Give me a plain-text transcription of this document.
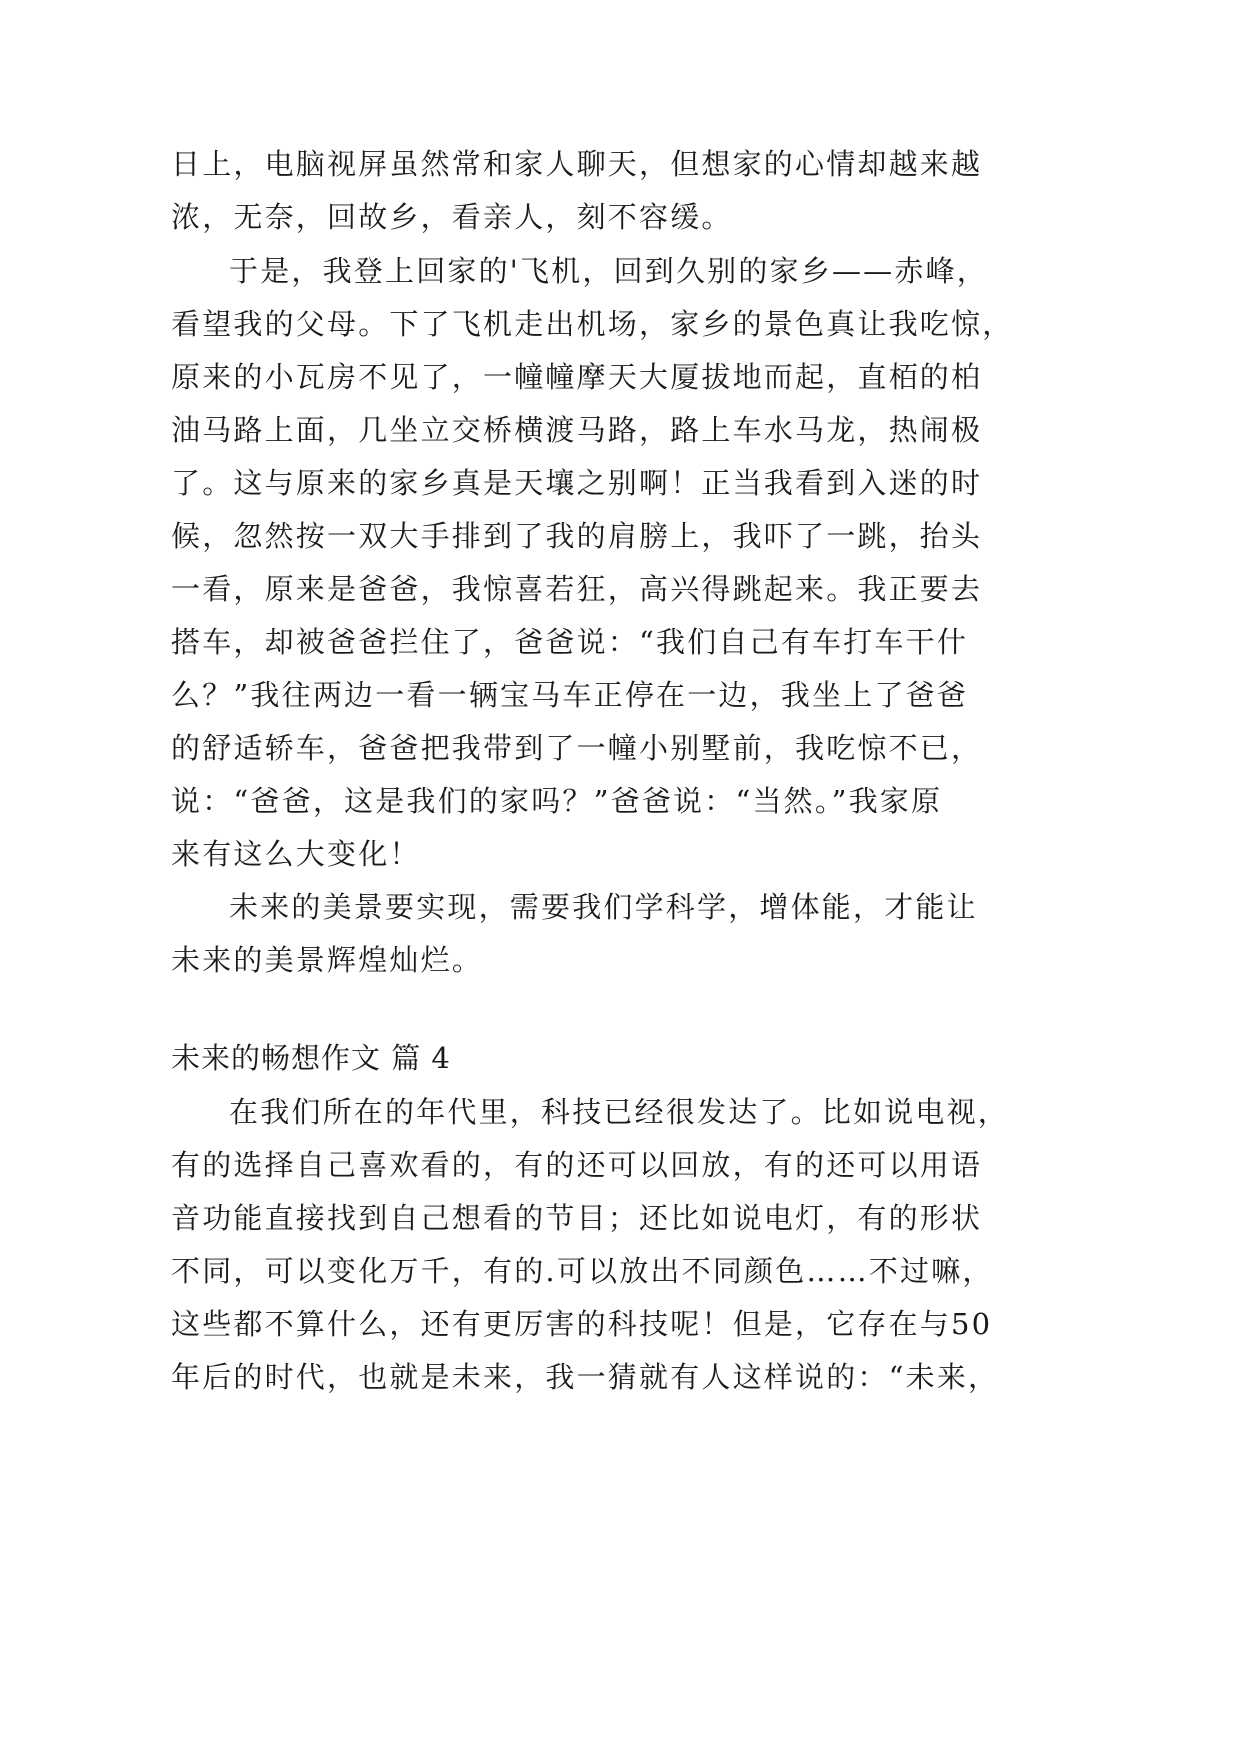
日上，电脑视屏虽然常和家人聊天，但想家的心情却越来越
浓，无奈，回故乡，看亲人，刻不容缓。
于是，我登上回家的'飞机，回到久别的家乡——赤峰，
看望我的父母。下了飞机走出机场，家乡的景色真让我吃惊，
原来的小瓦房不见了，一幢幢摩天大厦拔地而起，直栢的柏
油马路上面，几坐立交桥横渡马路，路上车水马龙，热闹极
了。这与原来的家乡真是天壤之别啊！正当我看到入迷的时
候，忽然按一双大手排到了我的肩膀上，我吓了一跳，抬头
一看，原来是爸爸，我惊喜若狂，高兴得跳起来。我正要去
搭车，却被爸爸拦住了，爸爸说：“我们自己有车打车干什
么？”我往两边一看一辆宝马车正停在一边，我坐上了爸爸
的舒适轿车，爸爸把我带到了一幢小别墅前，我吃惊不已，
说：“爸爸，这是我们的家吗？”爸爸说：“当然。”我家原
来有这么大变化！
未来的美景要实现，需要我们学科学，增体能，才能让
未来的美景辉煌灿烂。
未来的畅想作文 篇 4
在我们所在的年代里，科技已经很发达了。比如说电视，
有的选择自己喜欢看的，有的还可以回放，有的还可以用语
音功能直接找到自己想看的节目；还比如说电灯，有的形状
不同，可以变化万千，有的.可以放出不同颜色……不过嘛，
这些都不算什么，还有更厉害的科技呢！但是，它存在与50
年后的时代，也就是未来，我一猜就有人这样说的：“未来，
